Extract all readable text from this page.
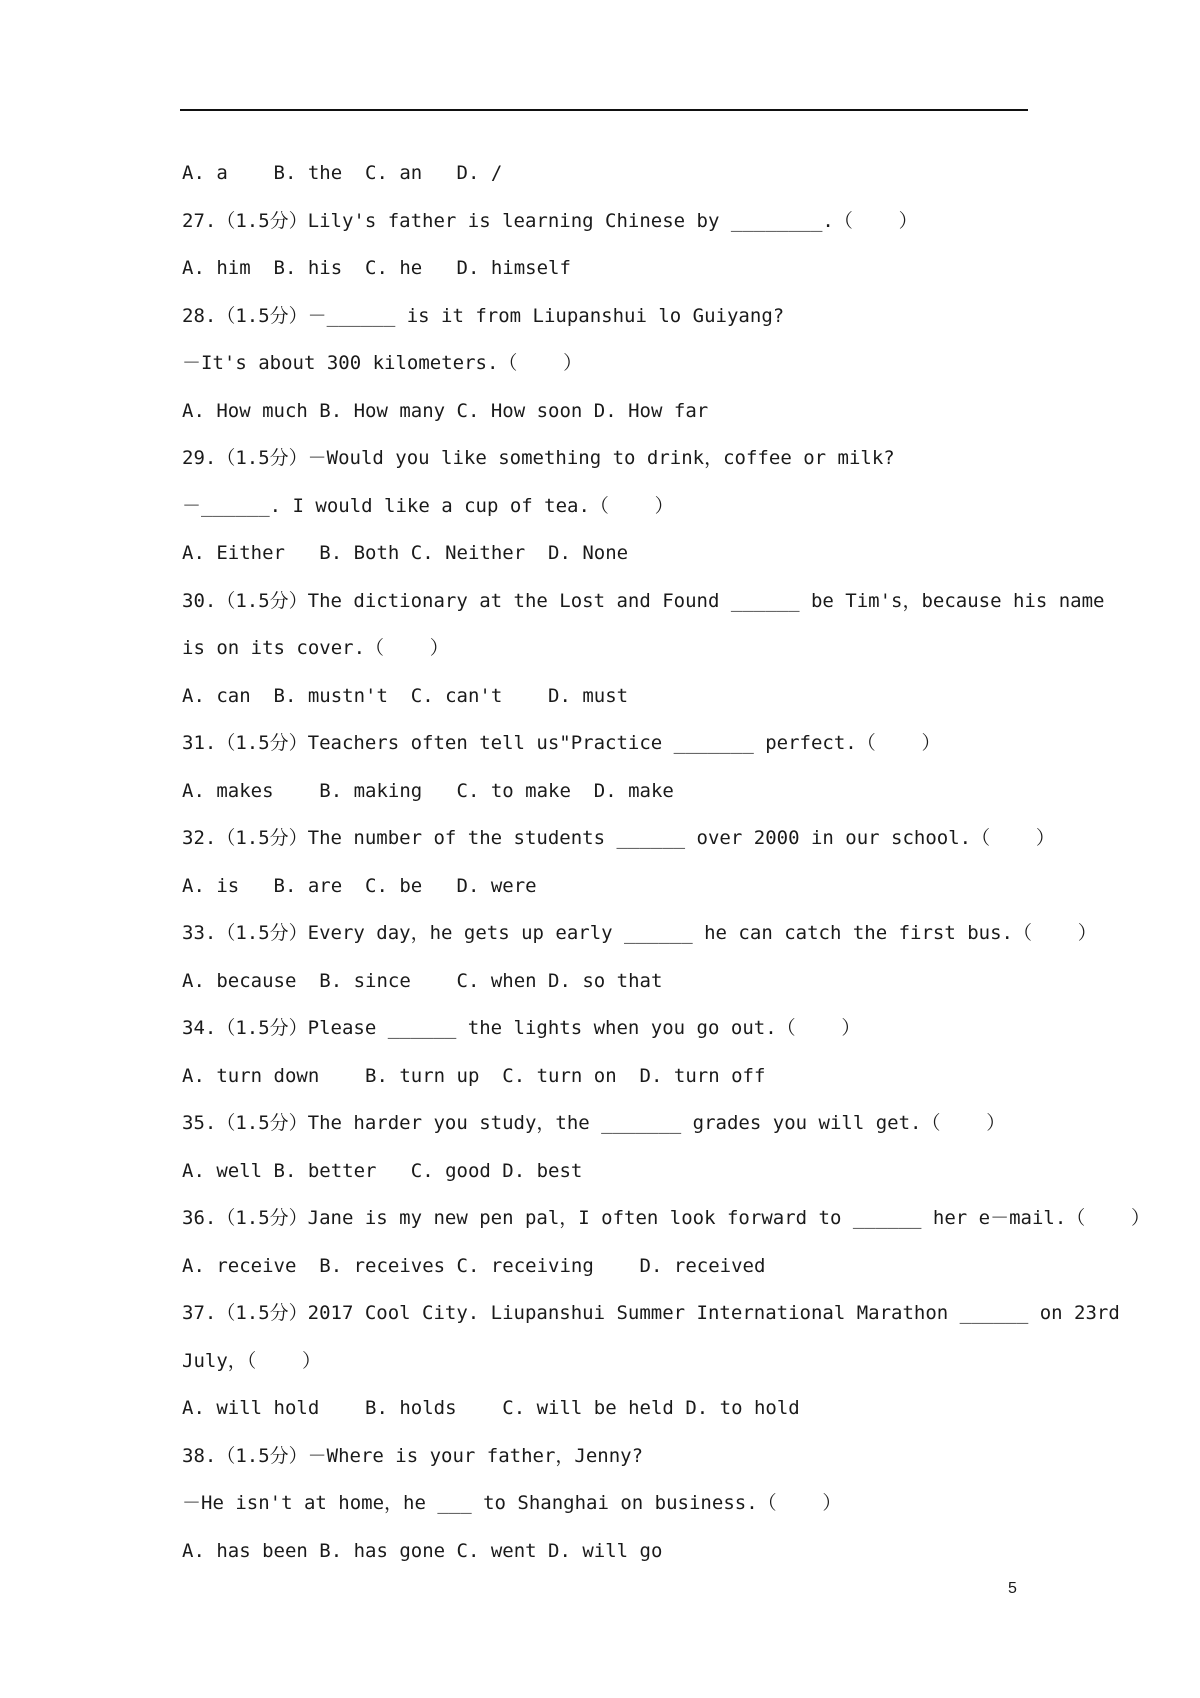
A. a    B. the  C. an   D. /
27.（1.5分）Lily's father is learning Chinese by ________.（    ）
A. him  B. his  C. he   D. himself
28.（1.5分）－______ is it from Liupanshui lo Guiyang?
－It's about 300 kilometers.（    ）
A. How much B. How many C. How soon D. How far
29.（1.5分）－Would you like something to drink，coffee or milk?
－______. I would like a cup of tea.（    ）
A. Either   B. Both C. Neither  D. None
30.（1.5分）The dictionary at the Lost and Found ______ be Tim's，because his name
is on its cover.（    ）
A. can  B. mustn't  C. can't    D. must
31.（1.5分）Teachers often tell us"Practice _______ perfect.（    ）
A. makes    B. making   C. to make  D. make
32.（1.5分）The number of the students ______ over 2000 in our school.（    ）
A. is   B. are  C. be   D. were
33.（1.5分）Every day，he gets up early ______ he can catch the first bus.（    ）
A. because  B. since    C. when D. so that
34.（1.5分）Please ______ the lights when you go out.（    ）
A. turn down    B. turn up  C. turn on  D. turn off
35.（1.5分）The harder you study，the _______ grades you will get.（    ）
A. well B. better   C. good D. best
36.（1.5分）Jane is my new pen pal，I often look forward to ______ her e－mail.（    ）
A. receive  B. receives C. receiving    D. received
37.（1.5分）2017 Cool City. Liupanshui Summer International Marathon ______ on 23rd
July，（    ）
A. will hold    B. holds    C. will be held D. to hold
38.（1.5分）－Where is your father，Jenny?
－He isn't at home，he ___ to Shanghai on business.（    ）
A. has been B. has gone C. went D. will go
5
